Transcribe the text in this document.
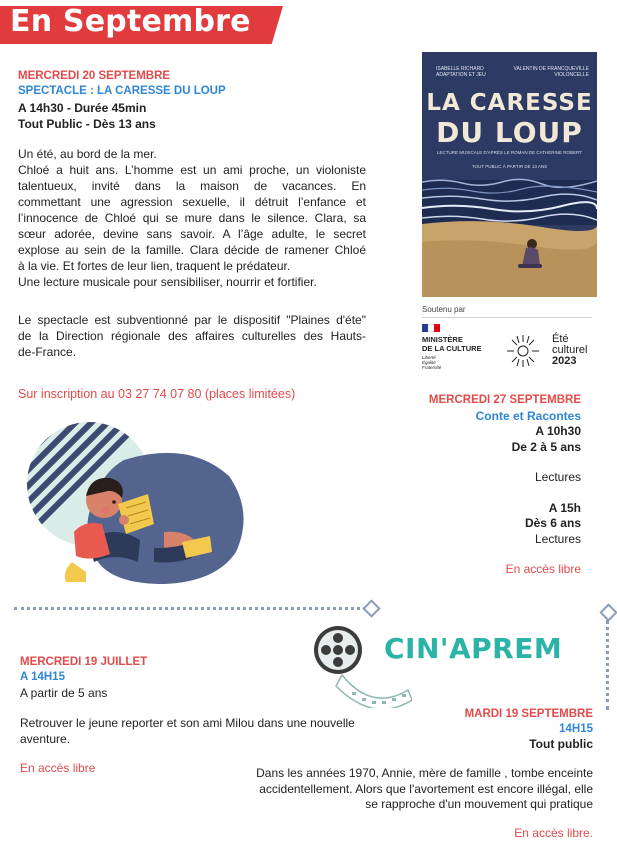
En Septembre
MERCREDI 20 SEPTEMBRE
SPECTACLE : LA CARESSE DU LOUP
A 14h30 - Durée 45min
Tout Public - Dès 13 ans
Un été, au bord de la mer.
Chloé a huit ans. L’homme est un ami proche, un violoniste
talentueux, invité dans la maison de vacances. En
commettant une agression sexuelle, il détruit l’enfance et
l’innocence de Chloé qui se mure dans le silence. Clara, sa
sœur adorée, devine sans savoir. A l’âge adulte, le secret
explose au sein de la famille. Clara décide de ramener Chloé
à la vie. Et fortes de leur lien, traquent le prédateur.
Une lecture musicale pour sensibiliser, nourrir et fortifier.
Le spectacle est subventionné par le dispositif "Plaines d'éte"
de la Direction régionale des affaires culturelles des Hauts-
de-France.
Sur inscription au 03 27 74 07 80 (places limitées)
ISABELLE RICHARD
ADAPTATION ET JEU
VALENTIN DE FRANCQUEVILLE
VIOLONCELLE
LA CARESSE
DU LOUP
LECTURE MUSICALE D'APRÈS LE ROMAN DE CATHERINE ROBERT
TOUT PUBLIC À PARTIR DE 13 ANS
Soutenu par
MINISTÈRE
DE LA CULTURE
Liberté
Égalité
Fraternité
Été
culturel
2023
MERCREDI 27 SEPTEMBRE
Conte et Racontes
A 10h30
De 2 à 5 ans
Lectures
A 15h
Dès 6 ans
Lectures
En accès libre
CIN'APREM
MERCREDI 19 JUILLET
A 14H15
A partir de 5 ans
Retrouver le jeune reporter et son ami Milou dans une nouvelle
aventure.
En accès libre
MARDI 19 SEPTEMBRE
14H15
Tout public
Dans les années 1970, Annie, mère de famille , tombe enceinte
accidentellement. Alors que l'avortement est encore illégal, elle
se rapproche d'un mouvement qui pratique
En accès libre.
